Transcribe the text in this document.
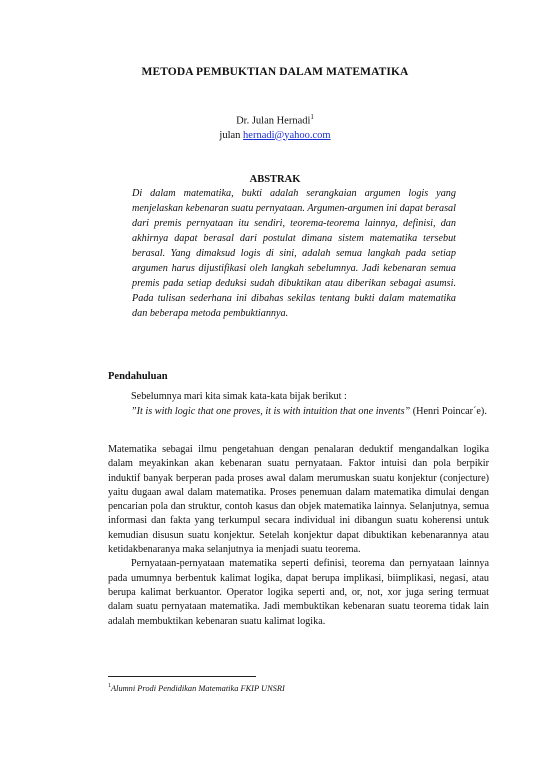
METODA PEMBUKTIAN DALAM MATEMATIKA
Dr. Julan Hernadi$^1$
julan hernadi@yahoo.com
ABSTRAK

Di dalam matematika, bukti adalah serangkaian argumen logis yang menjelaskan kebenaran suatu pernyataan. Argumen-argumen ini dapat berasal dari premis pernyataan itu sendiri, teorema-teorema lainnya, definisi, dan akhirnya dapat berasal dari postulat dimana sistem matematika tersebut berasal. Yang dimaksud logis di sini, adalah semua langkah pada setiap argumen harus dijustifikasi oleh langkah sebelumnya. Jadi kebenaran semua premis pada setiap deduksi sudah dibuktikan atau diberikan sebagai asumsi. Pada tulisan sederhana ini dibahas sekilas tentang bukti dalam matematika dan beberapa metoda pembuktiannya.

Pendahuluan

Sebelumnya mari kita simak kata-kata bijak berikut :

”It is with logic that one proves, it is with intuition that one invents” (Henri Poincar´e).

Matematika sebagai ilmu pengetahuan dengan penalaran deduktif mengandalkan logika dalam meyakinkan akan kebenaran suatu pernyataan. Faktor intuisi dan pola berpikir induktif banyak berperan pada proses awal dalam merumuskan suatu konjektur (conjecture) yaitu dugaan awal dalam matematika. Proses penemuan dalam matematika dimulai dengan pencarian pola dan struktur, contoh kasus dan objek matematika lainnya. Selanjutnya, semua informasi dan fakta yang terkumpul secara individual ini dibangun suatu koherensi untuk kemudian disusun suatu konjektur. Setelah konjektur dapat dibuktikan kebenarannya atau ketidakbenaranya maka selanjutnya ia menjadi suatu teorema.

Pernyataan-pernyataan matematika seperti definisi, teorema dan pernyataan lainnya pada umumnya berbentuk kalimat logika, dapat berupa implikasi, biimplikasi, negasi, atau berupa kalimat berkuantor. Operator logika seperti and, or, not, xor juga sering termuat dalam suatu pernyataan matematika. Jadi membuktikan kebenaran suatu teorema tidak lain adalah membuktikan kebenaran suatu kalimat logika.

$^1$Alumni Prodi Pendidikan Matematika FKIP UNSRI
